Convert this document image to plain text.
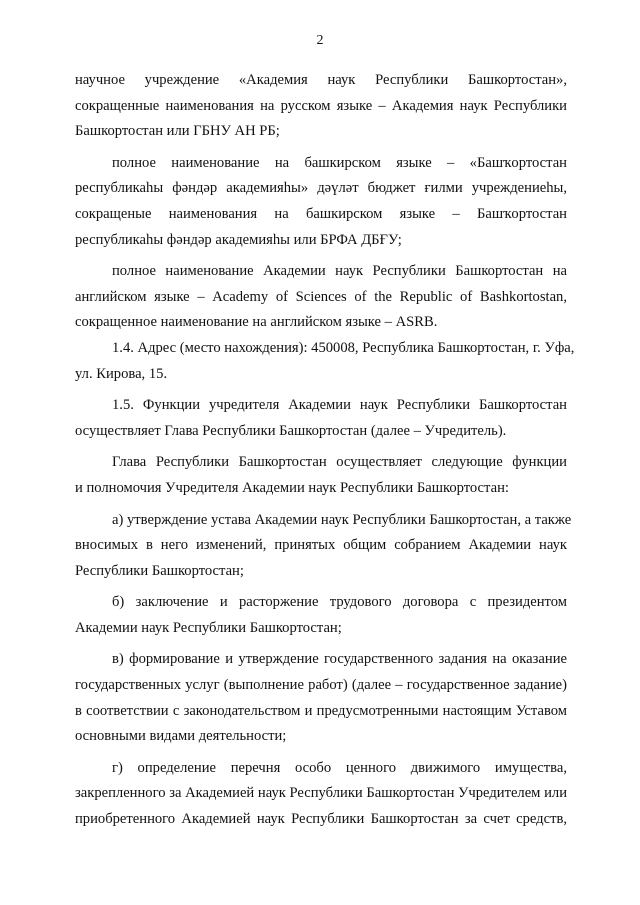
2
научное учреждение «Академия наук Республики Башкортостан»,
сокращенные наименования на русском языке – Академия наук Республики
Башкортостан или ГБНУ АН РБ;
полное наименование на башкирском языке – «Башҡортостан
республикаһы фәндәр академияһы» дәүләт бюджет ғилми учреждениеһы,
сокращеные наименования на башкирском языке – Башҡортостан
республикаһы фәндәр академияһы или БРФА ДБҒУ;
полное наименование Академии наук Республики Башкортостан на
английском языке – Academy of Sciences of the Republic of Bashkortostan,
сокращенное наименование на английском языке – ASRB.
1.4. Адрес (место нахождения): 450008, Республика Башкортостан, г. Уфа,
ул. Кирова, 15.
1.5. Функции учредителя Академии наук Республики Башкортостан
осуществляет Глава Республики Башкортостан (далее – Учредитель).
Глава Республики Башкортостан осуществляет следующие функции
и полномочия Учредителя Академии наук Республики Башкортостан:
а) утверждение устава Академии наук Республики Башкортостан, а также
вносимых в него изменений, принятых общим собранием Академии наук
Республики Башкортостан;
б) заключение и расторжение трудового договора с президентом
Академии наук Республики Башкортостан;
в) формирование и утверждение государственного задания на оказание
государственных услуг (выполнение работ) (далее – государственное задание)
в соответствии с законодательством и предусмотренными настоящим Уставом
основными видами деятельности;
г) определение перечня особо ценного движимого имущества,
закрепленного за Академией наук Республики Башкортостан Учредителем или
приобретенного Академией наук Республики Башкортостан за счет средств,
